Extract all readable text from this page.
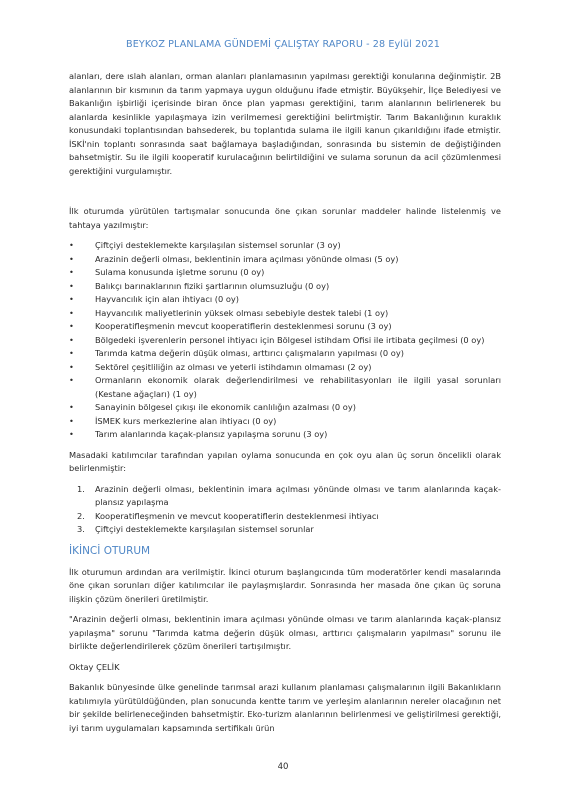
BEYKOZ PLANLAMA GÜNDEMİ ÇALIŞTAY RAPORU - 28 Eylül 2021

alanları, dere ıslah alanları, orman alanları planlamasının yapılması gerektiği konularına değinmiştir. 2B alanlarının bir kısmının da tarım yapmaya uygun olduğunu ifade etmiştir. Büyükşehir, İlçe Belediyesi ve Bakanlığın işbirliği içerisinde biran önce plan yapması gerektiğini, tarım alanlarının belirlenerek bu alanlarda kesinlikle yapılaşmaya izin verilmemesi gerektiğini belirtmiştir. Tarım Bakanlığının kuraklık konusundaki toplantısından bahsederek, bu toplantıda sulama ile ilgili kanun çıkarıldığını ifade etmiştir. İSKİ'nin toplantı sonrasında saat bağlamaya başladığından, sonrasında bu sistemin de değiştiğinden bahsetmiştir. Su ile ilgili kooperatif kurulacağının belirtildiğini ve sulama sorunun da acil çözümlenmesi gerektiğini vurgulamıştır.

İlk oturumda yürütülen tartışmalar sonucunda öne çıkan sorunlar maddeler halinde listelenmiş ve tahtaya yazılmıştır:

• Çiftçiyi desteklemekte karşılaşılan sistemsel sorunlar (3 oy)
• Arazinin değerli olması, beklentinin imara açılması yönünde olması (5 oy)
• Sulama konusunda işletme sorunu (0 oy)
• Balıkçı barınaklarının fiziki şartlarının olumsuzluğu (0 oy)
• Hayvancılık için alan ihtiyacı (0 oy)
• Hayvancılık maliyetlerinin yüksek olması sebebiyle destek talebi (1 oy)
• Kooperatifleşmenin mevcut kooperatiflerin desteklenmesi sorunu (3 oy)
• Bölgedeki işverenlerin personel ihtiyacı için Bölgesel istihdam Ofisi ile irtibata geçilmesi (0 oy)
• Tarımda katma değerin düşük olması, arttırıcı çalışmaların yapılması (0 oy)
• Sektörel çeşitliliğin az olması ve yeterli istihdamın olmaması (2 oy)
• Ormanların ekonomik olarak değerlendirilmesi ve rehabilitasyonları ile ilgili yasal sorunları (Kestane ağaçları) (1 oy)
• Sanayinin bölgesel çıkışı ile ekonomik canlılığın azalması (0 oy)
• İSMEK kurs merkezlerine alan ihtiyacı (0 oy)
• Tarım alanlarında kaçak-plansız yapılaşma sorunu (3 oy)

Masadaki katılımcılar tarafından yapılan oylama sonucunda en çok oyu alan üç sorun öncelikli olarak belirlenmiştir:

1. Arazinin değerli olması, beklentinin imara açılması yönünde olması ve tarım alanlarında kaçak-plansız yapılaşma
2. Kooperatifleşmenin ve mevcut kooperatiflerin desteklenmesi ihtiyacı
3. Çiftçiyi desteklemekte karşılaşılan sistemsel sorunlar
İKİNCİ OTURUM

İlk oturumun ardından ara verilmiştir. İkinci oturum başlangıcında tüm moderatörler kendi masalarında öne çıkan sorunları diğer katılımcılar ile paylaşmışlardır. Sonrasında her masada öne çıkan üç soruna ilişkin çözüm önerileri üretilmiştir.

"Arazinin değerli olması, beklentinin imara açılması yönünde olması ve tarım alanlarında kaçak-plansız yapılaşma" sorunu "Tarımda katma değerin düşük olması, arttırıcı çalışmaların yapılması" sorunu ile birlikte değerlendirilerek çözüm önerileri tartışılmıştır.

Oktay ÇELİK

Bakanlık bünyesinde ülke genelinde tarımsal arazi kullanım planlaması çalışmalarının ilgili Bakanlıkların katılımıyla yürütüldüğünden, plan sonucunda kentte tarım ve yerleşim alanlarının nereler olacağının net bir şekilde belirleneceğinden bahsetmiştir. Eko-turizm alanlarının belirlenmesi ve geliştirilmesi gerektiği, iyi tarım uygulamaları kapsamında sertifikalı ürün

40
